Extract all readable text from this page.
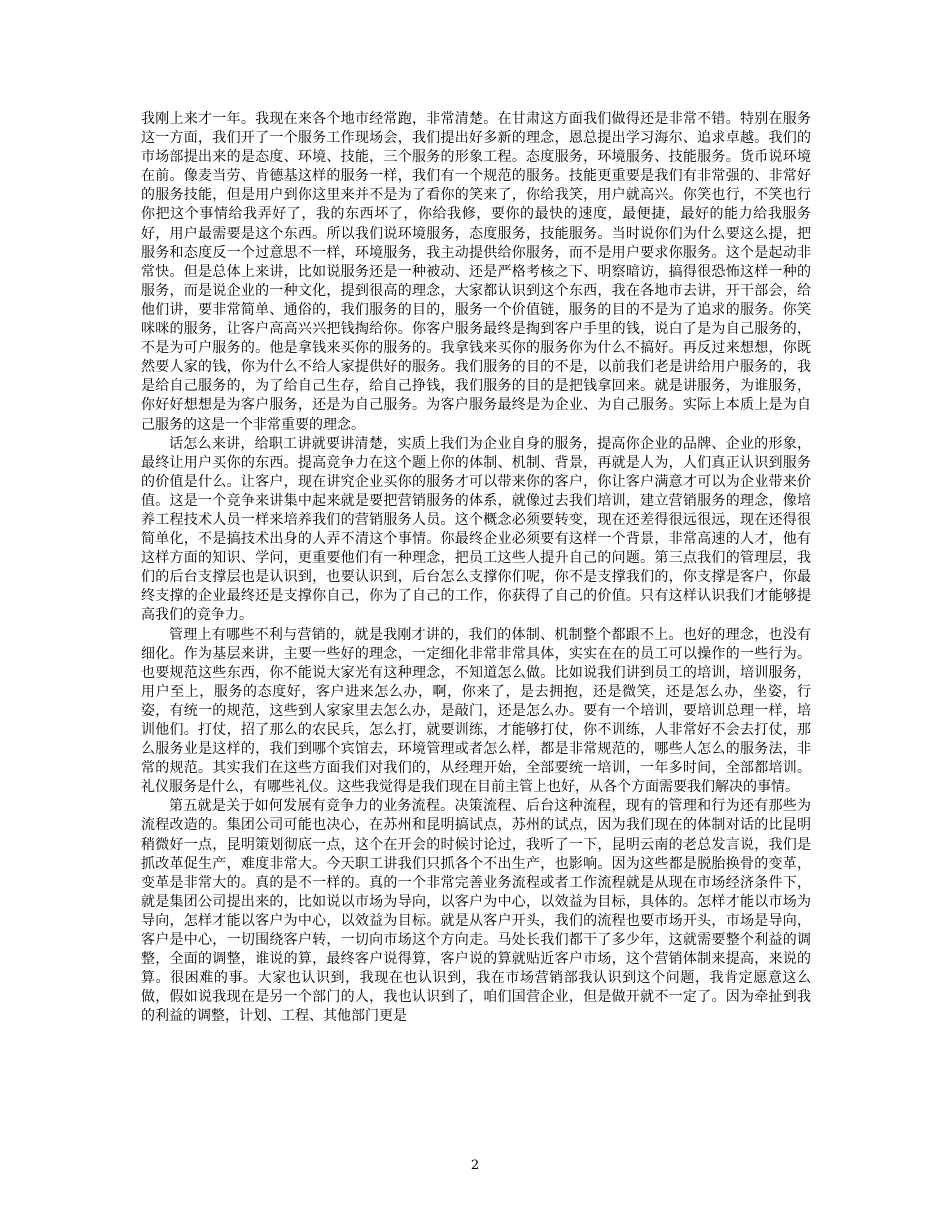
我刚上来才一年。我现在来各个地市经常跑，非常清楚。在甘肃这方面我们做得还是非常不错。特别在服务这一方面，我们开了一个服务工作现场会，我们提出好多新的理念，恩总提出学习海尔、追求卓越。我们的市场部提出来的是态度、环境、技能，三个服务的形象工程。态度服务，环境服务、技能服务。货币说环境在前。像麦当劳、肯德基这样的服务一样，我们有一个规范的服务。技能更重要是我们有非常强的、非常好的服务技能，但是用户到你这里来并不是为了看你的笑来了，你给我笑，用户就高兴。你笑也行，不笑也行你把这个事情给我弄好了，我的东西坏了，你给我修，要你的最快的速度，最便捷，最好的能力给我服务好，用户最需要是这个东西。所以我们说环境服务，态度服务，技能服务。当时说你们为什么要这么提，把服务和态度反一个过意思不一样，环境服务，我主动提供给你服务，而不是用户要求你服务。这个是起动非常快。但是总体上来讲，比如说服务还是一种被动、还是严格考核之下、明察暗访，搞得很恐怖这样一种的服务，而是说企业的一种文化，提到很高的理念，大家都认识到这个东西，我在各地市去讲，开干部会，给他们讲，要非常简单、通俗的，我们服务的目的，服务一个价值链，服务的目的不是为了追求的服务。你笑咪咪的服务，让客户高高兴兴把钱掏给你。你客户服务最终是掏到客户手里的钱，说白了是为自己服务的，不是为可户服务的。他是拿钱来买你的服务的。我拿钱来买你的服务你为什么不搞好。再反过来想想，你既然要人家的钱，你为什么不给人家提供好的服务。我们服务的目的不是，以前我们老是讲给用户服务的，我是给自己服务的，为了给自己生存，给自己挣钱，我们服务的目的是把钱拿回来。就是讲服务，为谁服务，你好好想想是为客户服务，还是为自己服务。为客户服务最终是为企业、为自己服务。实际上本质上是为自己服务的这是一个非常重要的理念。

话怎么来讲，给职工讲就要讲清楚，实质上我们为企业自身的服务，提高你企业的品牌、企业的形象，最终让用户买你的东西。提高竞争力在这个题上你的体制、机制、背景，再就是人为，人们真正认识到服务的价值是什么。让客户，现在讲究企业买你的服务才可以带来你的客户，你让客户满意才可以为企业带来价值。这是一个竞争来讲集中起来就是要把营销服务的体系，就像过去我们培训，建立营销服务的理念，像培养工程技术人员一样来培养我们的营销服务人员。这个概念必须要转变，现在还差得很远很远，现在还得很简单化，不是搞技术出身的人弄不清这个事情。你最终企业必须要有这样一个背景，非常高速的人才，他有这样方面的知识、学问，更重要他们有一种理念，把员工这些人提升自己的问题。第三点我们的管理层，我们的后台支撑层也是认识到，也要认识到，后台怎么支撑你们呢，你不是支撑我们的，你支撑是客户，你最终支撑的企业最终还是支撑你自己，你为了自己的工作，你获得了自己的价值。只有这样认识我们才能够提高我们的竞争力。

管理上有哪些不利与营销的，就是我刚才讲的，我们的体制、机制整个都跟不上。也好的理念，也没有细化。作为基层来讲，主要一些好的理念，一定细化非常非常具体，实实在在的员工可以操作的一些行为。也要规范这些东西，你不能说大家光有这种理念，不知道怎么做。比如说我们讲到员工的培训，培训服务，用户至上，服务的态度好，客户进来怎么办，啊，你来了，是去拥抱，还是微笑，还是怎么办，坐姿，行姿，有统一的规范，这些到人家家里去怎么办，是敲门，还是怎么办。要有一个培训，要培训总理一样，培训他们。打仗，招了那么的农民兵，怎么打，就要训练，才能够打仗，你不训练，人非常好不会去打仗，那么服务业是这样的，我们到哪个宾馆去，环境管理或者怎么样，都是非常规范的，哪些人怎么的服务法，非常的规范。其实我们在这些方面我们对我们的，从经理开始，全部要统一培训，一年多时间，全部都培训。礼仪服务是什么，有哪些礼仪。这些我觉得是我们现在目前主管上也好，从各个方面需要我们解决的事情。

第五就是关于如何发展有竞争力的业务流程。决策流程、后台这种流程，现有的管理和行为还有那些为流程改造的。集团公司可能也决心，在苏州和昆明搞试点，苏州的试点，因为我们现在的体制对话的比昆明稍微好一点，昆明策划彻底一点，这个在开会的时候讨论过，我听了一下，昆明云南的老总发言说，我们是抓改革促生产，难度非常大。今天职工讲我们只抓各个不出生产，也影响。因为这些都是脱胎换骨的变革，变革是非常大的。真的是不一样的。真的一个非常完善业务流程或者工作流程就是从现在市场经济条件下，就是集团公司提出来的，比如说以市场为导向，以客户为中心，以效益为目标，具体的。怎样才能以市场为导向，怎样才能以客户为中心，以效益为目标。就是从客户开头，我们的流程也要市场开头，市场是导向，客户是中心，一切围绕客户转，一切向市场这个方向走。马处长我们都干了多少年，这就需要整个利益的调整，全面的调整，谁说的算，最终客户说得算，客户说的算就贴近客户市场，这个营销体制来提高，来说的算。很困难的事。大家也认识到，我现在也认识到，我在市场营销部我认识到这个问题，我肯定愿意这么做，假如说我现在是另一个部门的人，我也认识到了，咱们国营企业，但是做开就不一定了。因为牵扯到我的利益的调整，计划、工程、其他部门更是

2
